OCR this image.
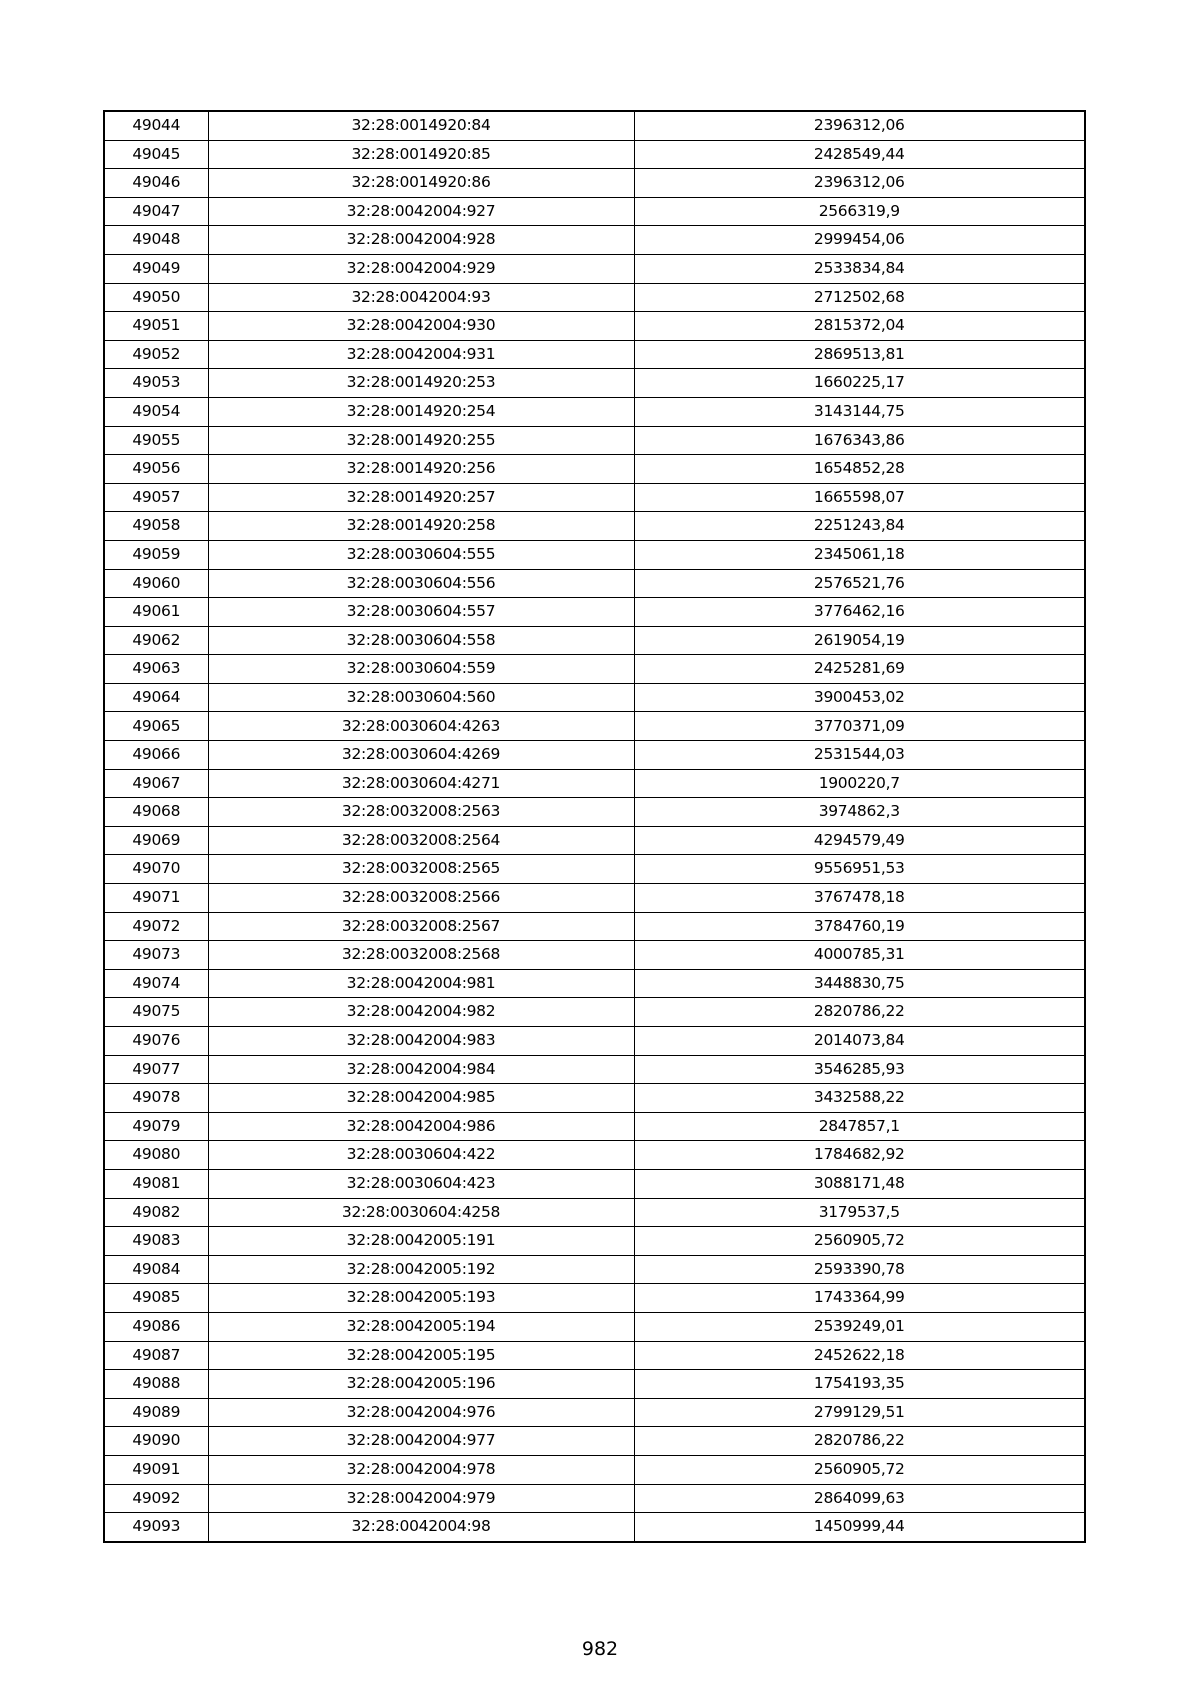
49044	32:28:0014920:84	2396312,06
49045	32:28:0014920:85	2428549,44
49046	32:28:0014920:86	2396312,06
49047	32:28:0042004:927	2566319,9
49048	32:28:0042004:928	2999454,06
49049	32:28:0042004:929	2533834,84
49050	32:28:0042004:93	2712502,68
49051	32:28:0042004:930	2815372,04
49052	32:28:0042004:931	2869513,81
49053	32:28:0014920:253	1660225,17
49054	32:28:0014920:254	3143144,75
49055	32:28:0014920:255	1676343,86
49056	32:28:0014920:256	1654852,28
49057	32:28:0014920:257	1665598,07
49058	32:28:0014920:258	2251243,84
49059	32:28:0030604:555	2345061,18
49060	32:28:0030604:556	2576521,76
49061	32:28:0030604:557	3776462,16
49062	32:28:0030604:558	2619054,19
49063	32:28:0030604:559	2425281,69
49064	32:28:0030604:560	3900453,02
49065	32:28:0030604:4263	3770371,09
49066	32:28:0030604:4269	2531544,03
49067	32:28:0030604:4271	1900220,7
49068	32:28:0032008:2563	3974862,3
49069	32:28:0032008:2564	4294579,49
49070	32:28:0032008:2565	9556951,53
49071	32:28:0032008:2566	3767478,18
49072	32:28:0032008:2567	3784760,19
49073	32:28:0032008:2568	4000785,31
49074	32:28:0042004:981	3448830,75
49075	32:28:0042004:982	2820786,22
49076	32:28:0042004:983	2014073,84
49077	32:28:0042004:984	3546285,93
49078	32:28:0042004:985	3432588,22
49079	32:28:0042004:986	2847857,1
49080	32:28:0030604:422	1784682,92
49081	32:28:0030604:423	3088171,48
49082	32:28:0030604:4258	3179537,5
49083	32:28:0042005:191	2560905,72
49084	32:28:0042005:192	2593390,78
49085	32:28:0042005:193	1743364,99
49086	32:28:0042005:194	2539249,01
49087	32:28:0042005:195	2452622,18
49088	32:28:0042005:196	1754193,35
49089	32:28:0042004:976	2799129,51
49090	32:28:0042004:977	2820786,22
49091	32:28:0042004:978	2560905,72
49092	32:28:0042004:979	2864099,63
49093	32:28:0042004:98	1450999,44
982
